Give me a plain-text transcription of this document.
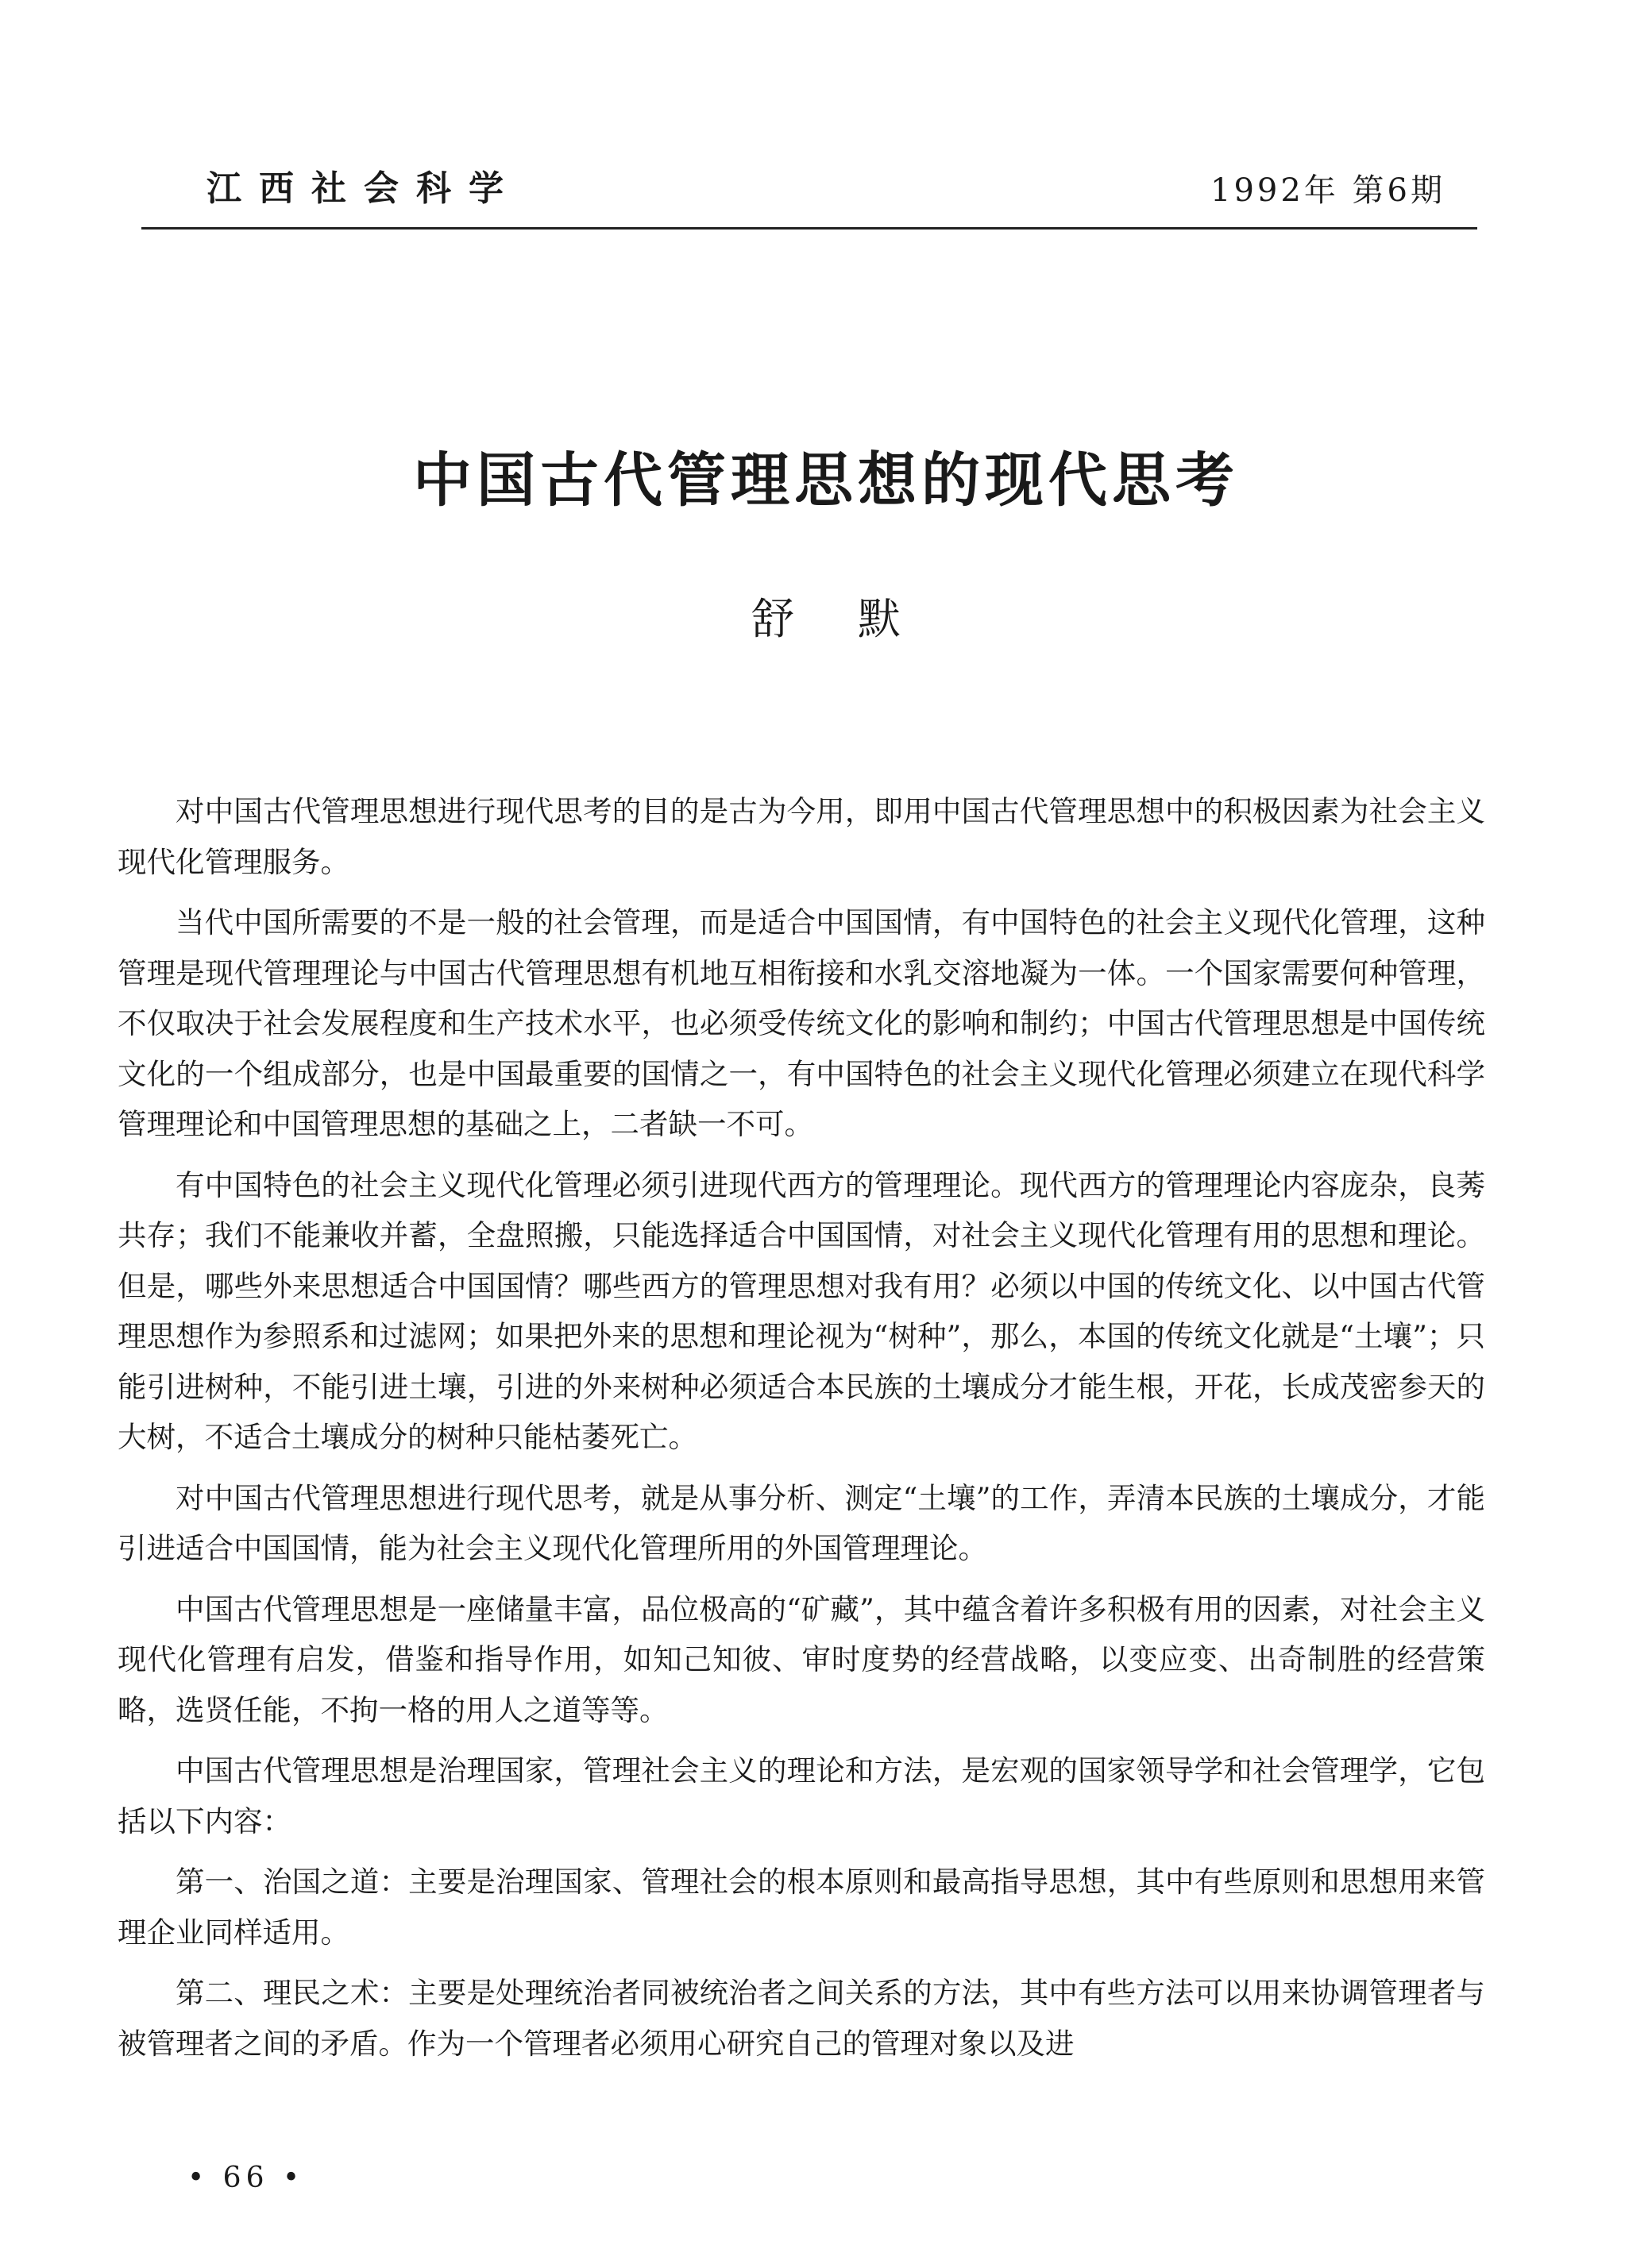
江西社会科学	1992年 第6期
中国古代管理思想的现代思考
舒默

对中国古代管理思想进行现代思考的目的是古为今用，即用中国古代管理思想中的积极因素为社会主义现代化管理服务。

当代中国所需要的不是一般的社会管理，而是适合中国国情，有中国特色的社会主义现代化管理，这种管理是现代管理理论与中国古代管理思想有机地互相衔接和水乳交溶地凝为一体。一个国家需要何种管理，不仅取决于社会发展程度和生产技术水平，也必须受传统文化的影响和制约；中国古代管理思想是中国传统文化的一个组成部分，也是中国最重要的国情之一，有中国特色的社会主义现代化管理必须建立在现代科学管理理论和中国管理思想的基础之上，二者缺一不可。

有中国特色的社会主义现代化管理必须引进现代西方的管理理论。现代西方的管理理论内容庞杂，良莠共存；我们不能兼收并蓄，全盘照搬，只能选择适合中国国情，对社会主义现代化管理有用的思想和理论。但是，哪些外来思想适合中国国情？哪些西方的管理思想对我有用？必须以中国的传统文化、以中国古代管理思想作为参照系和过滤网；如果把外来的思想和理论视为“树种”，那么，本国的传统文化就是“土壤”；只能引进树种，不能引进土壤，引进的外来树种必须适合本民族的土壤成分才能生根，开花，长成茂密参天的大树，不适合土壤成分的树种只能枯萎死亡。

对中国古代管理思想进行现代思考，就是从事分析、测定“土壤”的工作，弄清本民族的土壤成分，才能引进适合中国国情，能为社会主义现代化管理所用的外国管理理论。

中国古代管理思想是一座储量丰富，品位极高的“矿藏”，其中蕴含着许多积极有用的因素，对社会主义现代化管理有启发，借鉴和指导作用，如知己知彼、审时度势的经营战略，以变应变、出奇制胜的经营策略，选贤任能，不拘一格的用人之道等等。

中国古代管理思想是治理国家，管理社会主义的理论和方法，是宏观的国家领导学和社会管理学，它包括以下内容：

第一、治国之道：主要是治理国家、管理社会的根本原则和最高指导思想，其中有些原则和思想用来管理企业同样适用。

第二、理民之术：主要是处理统治者同被统治者之间关系的方法，其中有些方法可以用来协调管理者与被管理者之间的矛盾。作为一个管理者必须用心研究自己的管理对象以及进

• 66 •
